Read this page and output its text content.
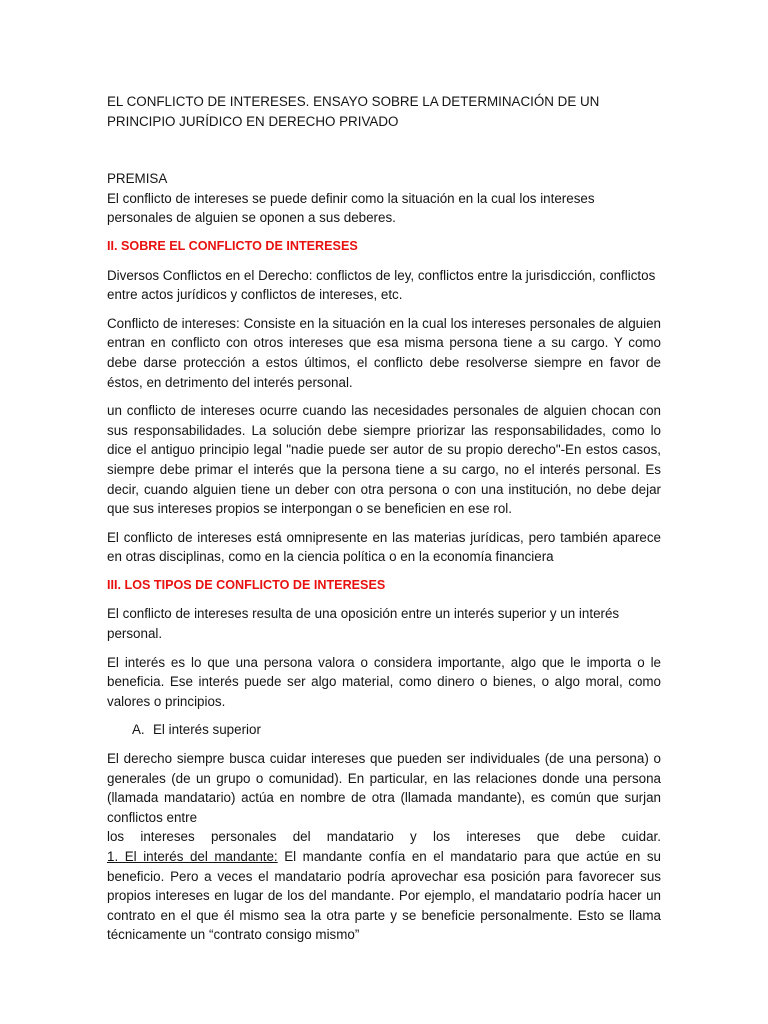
EL CONFLICTO DE INTERESES. ENSAYO SOBRE LA DETERMINACIÓN DE UN PRINCIPIO JURÍDICO EN DERECHO PRIVADO

PREMISA

El conflicto de intereses se puede definir como la situación en la cual los intereses personales de alguien se oponen a sus deberes.

II. SOBRE EL CONFLICTO DE INTERESES

Diversos Conflictos en el Derecho: conflictos de ley, conflictos entre la jurisdicción, conflictos entre actos jurídicos y conflictos de intereses, etc.

Conflicto de intereses: Consiste en la situación en la cual los intereses personales de alguien entran en conflicto con otros intereses que esa misma persona tiene a su cargo. Y como debe darse protección a estos últimos, el conflicto debe resolverse siempre en favor de éstos, en detrimento del interés personal.

un conflicto de intereses ocurre cuando las necesidades personales de alguien chocan con sus responsabilidades. La solución debe siempre priorizar las responsabilidades, como lo dice el antiguo principio legal "nadie puede ser autor de su propio derecho"-En estos casos, siempre debe primar el interés que la persona tiene a su cargo, no el interés personal. Es decir, cuando alguien tiene un deber con otra persona o con una institución, no debe dejar que sus intereses propios se interpongan o se beneficien en ese rol.

El conflicto de intereses está omnipresente en las materias jurídicas, pero también aparece en otras disciplinas, como en la ciencia política o en la economía financiera

III. LOS TIPOS DE CONFLICTO DE INTERESES

El conflicto de intereses resulta de una oposición entre un interés superior y un interés personal.

El interés es lo que una persona valora o considera importante, algo que le importa o le beneficia. Ese interés puede ser algo material, como dinero o bienes, o algo moral, como valores o principios.

A. El interés superior

El derecho siempre busca cuidar intereses que pueden ser individuales (de una persona) o generales (de un grupo o comunidad). En particular, en las relaciones donde una persona (llamada mandatario) actúa en nombre de otra (llamada mandante), es común que surjan conflictos entre

los intereses personales del mandatario y los intereses que debe cuidar.

1. El interés del mandante: El mandante confía en el mandatario para que actúe en su beneficio. Pero a veces el mandatario podría aprovechar esa posición para favorecer sus propios intereses en lugar de los del mandante. Por ejemplo, el mandatario podría hacer un contrato en el que él mismo sea la otra parte y se beneficie personalmente. Esto se llama técnicamente un “contrato consigo mismo”
